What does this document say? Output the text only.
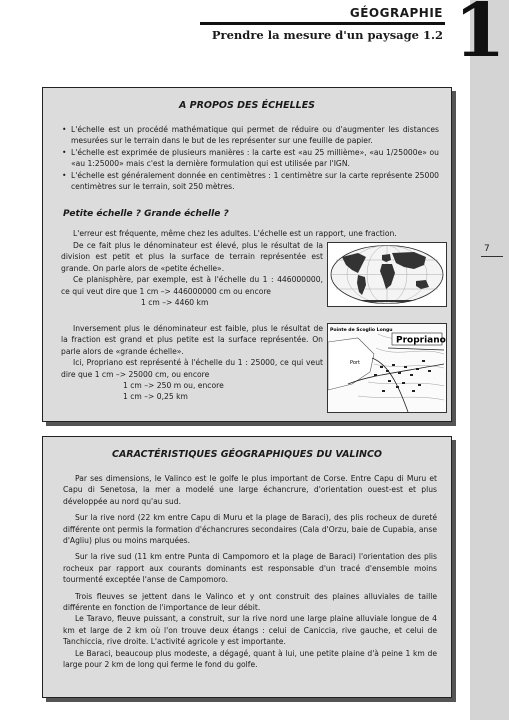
GÉOGRAPHIE
Prendre la mesure d'un paysage 1.2 1
7
A PROPOS DES ÉCHELLES
• L'échelle est un procédé mathématique qui permet de réduire ou d'augmenter les distances mesurées sur le terrain dans le but de les représenter sur une feuille de papier.
• L'échelle est exprimée de plusieurs manières : la carte est «au 25 millième», «au 1/25000e» ou «au 1:25000» mais c'est la dernière formulation qui est utilisée par l'IGN.
• L'échelle est généralement donnée en centimètres : 1 centimètre sur la carte représente 25000 centimètres sur le terrain, soit 250 mètres.
Petite échelle ? Grande échelle ?

L'erreur est fréquente, même chez les adultes. L'échelle est un rapport, une fraction.

De ce fait plus le dénominateur est élevé, plus le résultat de la division est petit et plus la surface de terrain représentée est grande. On parle alors de «petite échelle».

Ce planisphère, par exemple, est à l'échelle du 1 : 446000000, ce qui veut dire que 1 cm –> 446000000 cm ou encore

1 cm –> 4460 km

Inversement plus le dénominateur est faible, plus le résultat de la fraction est grand et plus petite est la surface représentée. On parle alors de «grande échelle».

Ici, Propriano est représenté à l'échelle du 1 : 25000, ce qui veut dire que 1 cm –> 25000 cm, ou encore

1 cm –> 250 m ou, encore

1 cm –> 0,25 km

Pointe de Scoglio Longu
Propriano
Port
CARACTÉRISTIQUES GÉOGRAPHIQUES DU VALINCO

Par ses dimensions, le Valinco est le golfe le plus important de Corse. Entre Capu di Muru et Capu di Senetosa, la mer a modelé une large échancrure, d'orientation ouest-est et plus développée au nord qu'au sud.

Sur la rive nord (22 km entre Capu di Muru et la plage de Baraci), des plis rocheux de dureté différente ont permis la formation d'échancrures secondaires (Cala d'Orzu, baie de Cupabia, anse d'Agliu) plus ou moins marquées.

Sur la rive sud (11 km entre Punta di Campomoro et la plage de Baraci) l'orientation des plis rocheux par rapport aux courants dominants est responsable d'un tracé d'ensemble moins tourmenté exceptée l'anse de Campomoro.

Trois fleuves se jettent dans le Valinco et y ont construit des plaines alluviales de taille différente en fonction de l'importance de leur débit.

Le Taravo, fleuve puissant, a construit, sur la rive nord une large plaine alluviale longue de 4 km et large de 2 km où l'on trouve deux étangs : celui de Caniccia, rive gauche, et celui de Tanchiccia, rive droite. L'activité agricole y est importante.

Le Baraci, beaucoup plus modeste, a dégagé, quant à lui, une petite plaine d'à peine 1 km de large pour 2 km de long qui ferme le fond du golfe.
